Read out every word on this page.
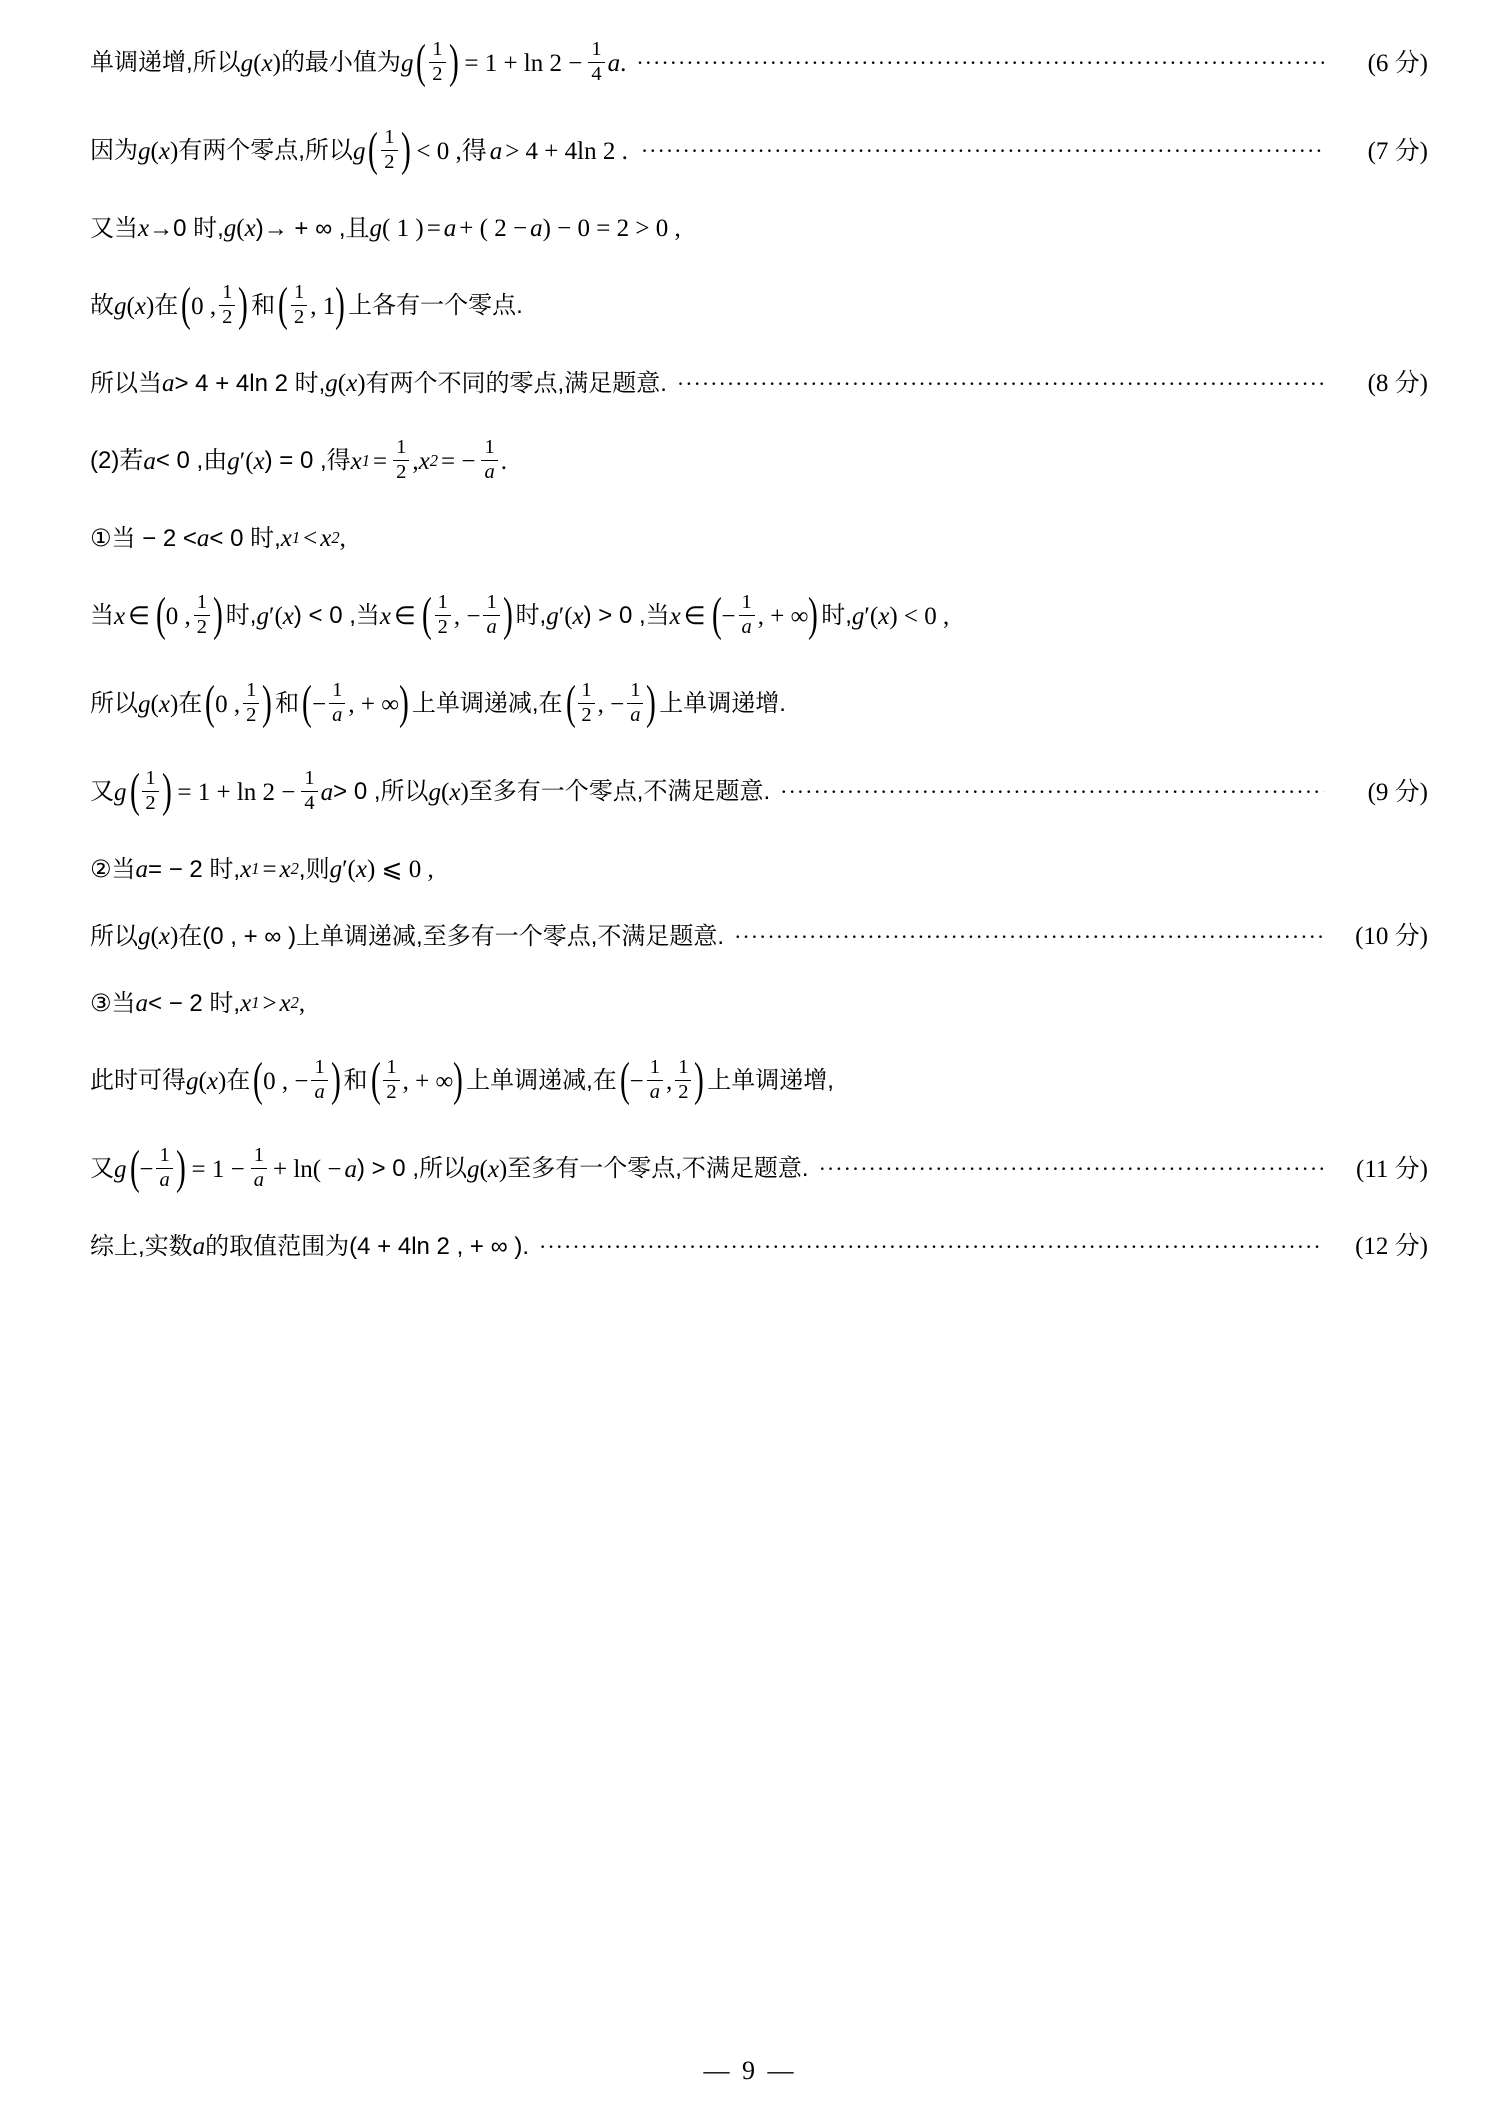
单调递增,所以 g ( x ) 的最小值为 g ( $\frac{1}{2}$ ) = $1 + \ln 2 - \frac{1}{4}$ a . ·····	(6 分)
因为 g ( x ) 有两个零点,所以 g ( $\frac{1}{2}$ ) < 0 ,得 a > 4 + 4ln 2 . ·····	(7 分)
又当 x →0 时, g ( x )→ + ∞ ,且 g ( 1 ) = a + ( 2 − a ) − 0 = 2 > 0 ,
故 g ( x ) 在 ( 0 , $\frac{1}{2}$ ) 和 ( $\frac{1}{2}$ , 1 ) 上各有一个零点.
所以当 a > 4 + 4ln 2 时, g ( x ) 有两个不同的零点,满足题意. ·····	(8 分)
(2)若 a < 0 ,由 g ′( x ) = 0 ,得 x $1 = \frac{1}{2}$ , x 2 = − $\frac{1}{a}$ .
①当 − 2 < a < 0 时, x 1 < x 2 ,
当 x ∈ ( 0 , $\frac{1}{2}$ ) 时, g ′( x ) < 0 ,当 x ∈ ( $\frac{1}{2}$ , − $\frac{1}{a}$ ) 时, g ′( x ) > 0 ,当 x ∈ ( − $\frac{1}{a}$ , + ∞ ) 时, g ′( x ) < 0 ,
所以 g ( x ) 在 ( 0 , $\frac{1}{2}$ ) 和 ( − $\frac{1}{a}$ , + ∞ ) 上单调递减,在 ( $\frac{1}{2}$ , − $\frac{1}{a}$ ) 上单调递增.
又 g ( $\frac{1}{2}$ ) = $1 + \ln 2 - \frac{1}{4}$ a > 0 ,所以 g ( x ) 至多有一个零点,不满足题意. ·····	(9 分)
②当 a = − 2 时, x 1 = x 2 ,则 g ′( x ) ⩽ 0 ,
所以 g ( x ) 在(0 , + ∞ )上单调递减,至多有一个零点,不满足题意. ·····	(10 分)
③当 a < − 2 时, x 1 > x 2 ,
此时可得 g ( x ) 在 ( 0 , − $\frac{1}{a}$ ) 和 ( $\frac{1}{2}$ , + ∞ ) 上单调递减,在 ( − $\frac{1}{a}$ , $\frac{1}{2}$ ) 上单调递增,
又 g ( − $\frac{1}{a}$ ) = $1 - \frac{1}{a} + \ln( - a$ ) > 0 ,所以 g ( x ) 至多有一个零点,不满足题意. ·····	(11 分)
综上,实数 a 的取值范围为(4 + 4ln 2 , + ∞ ). ·····	(12 分)
— 9 —
